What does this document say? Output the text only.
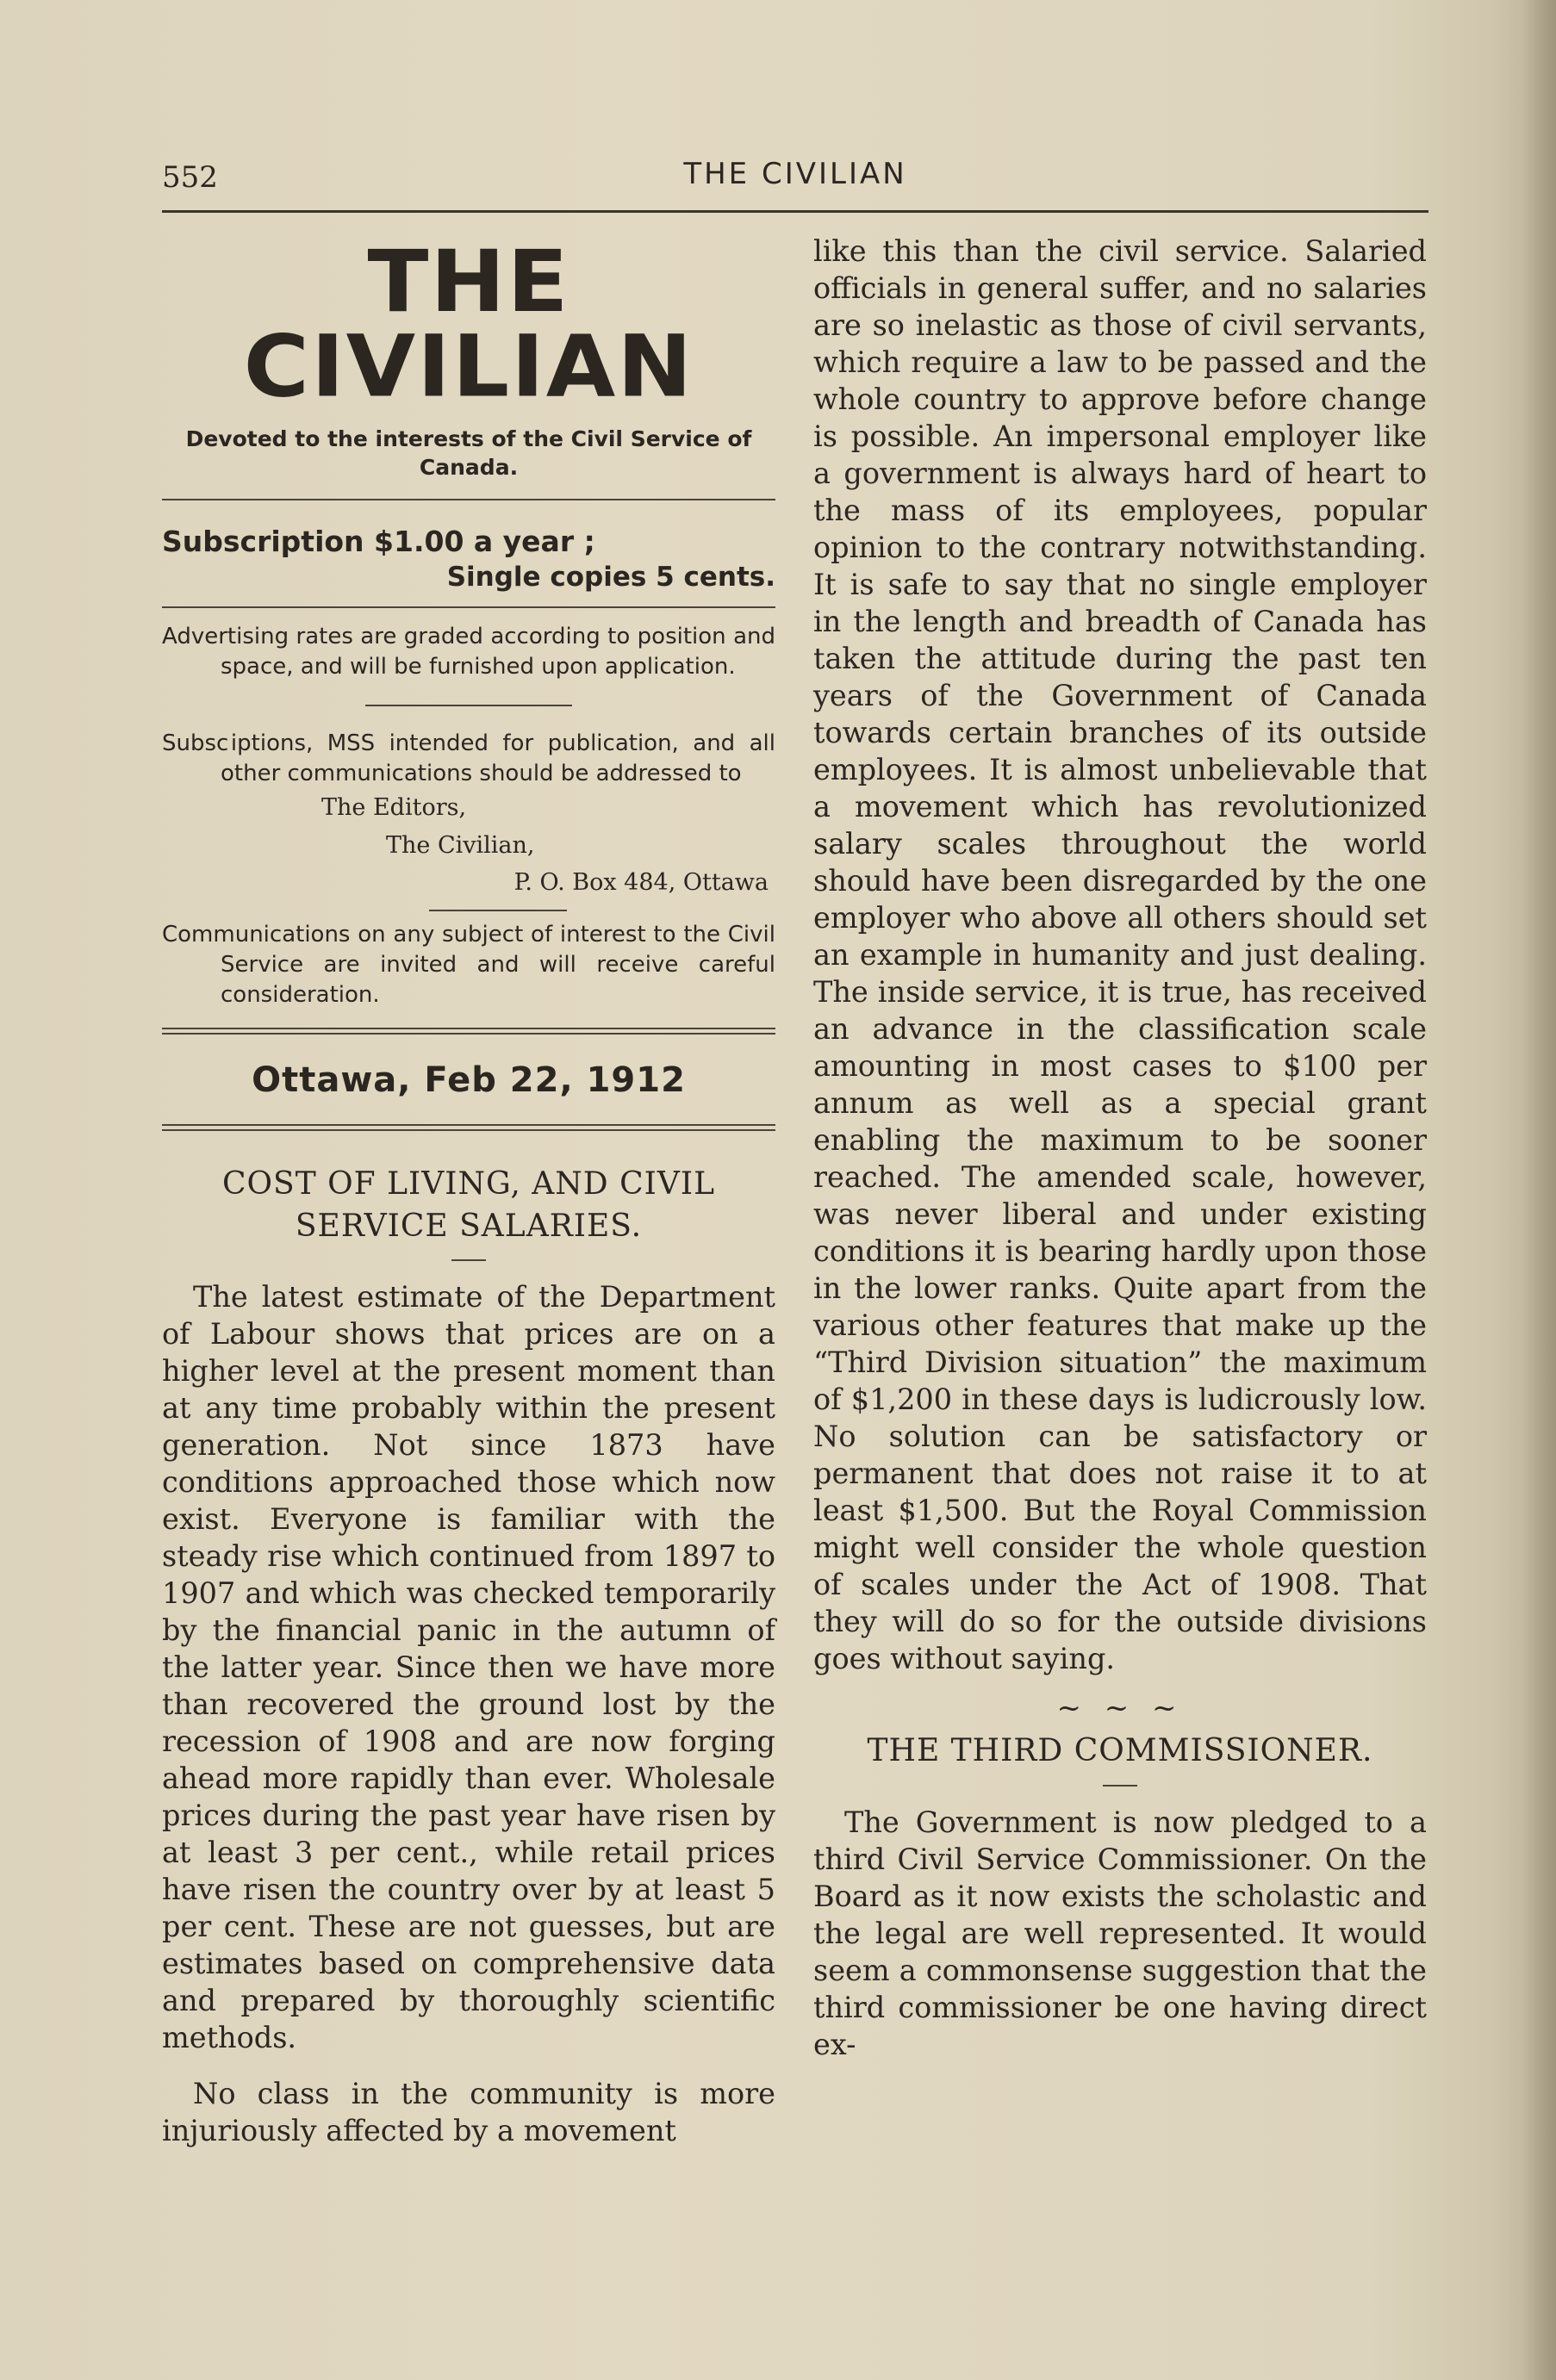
552	THE CIVILIAN
THE CIVILIAN
Devoted to the interests of the Civil Service of Canada.
Subscription $1.00 a year ;
Single copies 5 cents.

Advertising rates are graded according to position and space, and will be furnished upon application.

Subsc iptions, MSS intended for publication, and all other communications should be addressed to

The Editors,
The Civilian,
P. O. Box 484, Ottawa

Communications on any subject of interest to the Civil Service are invited and will receive careful consideration.

Ottawa, Feb 22, 1912
COST OF LIVING, AND CIVIL SERVICE SALARIES.

The latest estimate of the Department of Labour shows that prices are on a higher level at the present moment than at any time probably within the present generation. Not since 1873 have conditions approached those which now exist. Everyone is familiar with the steady rise which continued from 1897 to 1907 and which was checked temporarily by the financial panic in the autumn of the latter year. Since then we have more than recovered the ground lost by the recession of 1908 and are now forging ahead more rapidly than ever. Wholesale prices during the past year have risen by at least 3 per cent., while retail prices have risen the country over by at least 5 per cent. These are not guesses, but are estimates based on comprehensive data and prepared by thoroughly scientific methods.

No class in the community is more injuriously affected by a movement

like this than the civil service. Salaried officials in general suffer, and no salaries are so inelastic as those of civil servants, which require a law to be passed and the whole country to approve before change is possible. An impersonal employer like a government is always hard of heart to the mass of its employees, popular opinion to the contrary notwithstanding. It is safe to say that no single employer in the length and breadth of Canada has taken the attitude during the past ten years of the Government of Canada towards certain branches of its outside employees. It is almost unbelievable that a movement which has revolutionized salary scales throughout the world should have been disregarded by the one employer who above all others should set an example in humanity and just dealing. The inside service, it is true, has received an advance in the classification scale amounting in most cases to $100 per annum as well as a special grant enabling the maximum to be sooner reached. The amended scale, however, was never liberal and under existing conditions it is bearing hardly upon those in the lower ranks. Quite apart from the various other features that make up the “Third Division situation” the maximum of $1,200 in these days is ludicrously low. No solution can be satisfactory or permanent that does not raise it to at least $1,500. But the Royal Commission might well consider the whole question of scales under the Act of 1908. That they will do so for the outside divisions goes without saying.

~ ~ ~
THE THIRD COMMISSIONER.

The Government is now pledged to a third Civil Service Commissioner. On the Board as it now exists the scholastic and the legal are well represented. It would seem a commonsense suggestion that the third commissioner be one having direct ex-
